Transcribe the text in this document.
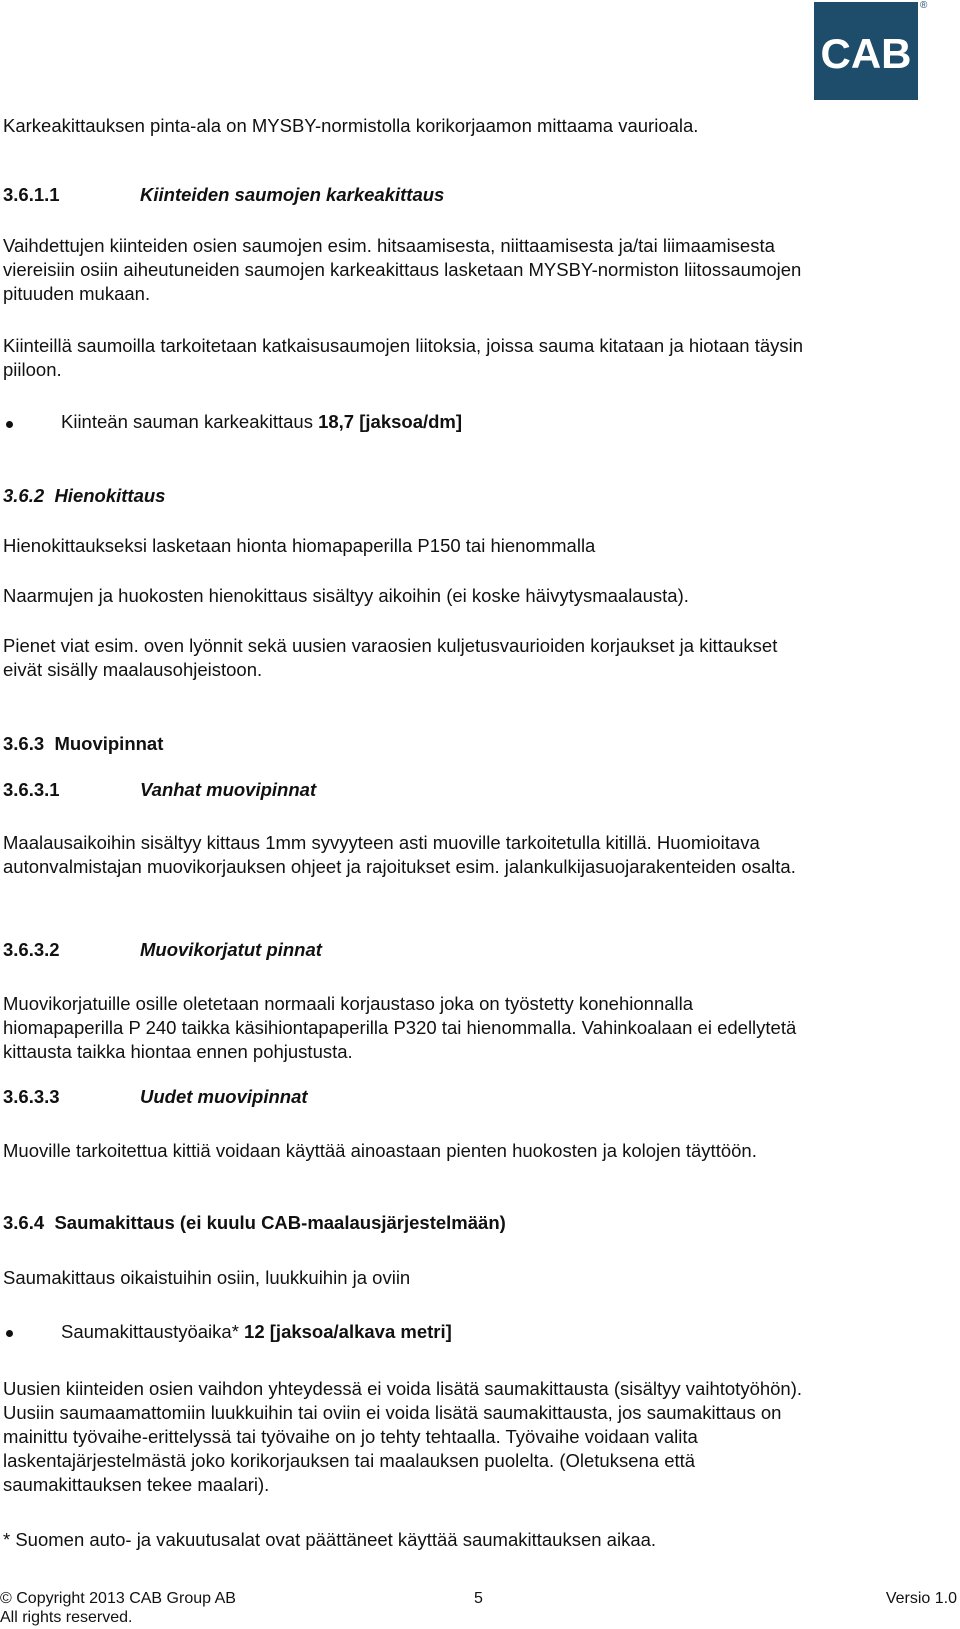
CAB
®
Karkeakittauksen pinta-ala on MYSBY-normistolla korikorjaamon mittaama vaurioala.
3.6.1.1	Kiinteiden saumojen karkeakittaus
Vaihdettujen kiinteiden osien saumojen esim. hitsaamisesta, niittaamisesta ja/tai liimaamisesta
viereisiin osiin aiheutuneiden saumojen karkeakittaus lasketaan MYSBY-normiston liitossaumojen
pituuden mukaan.
Kiinteillä saumoilla tarkoitetaan katkaisusaumojen liitoksia, joissa sauma kitataan ja hiotaan täysin
piiloon.
Kiinteän sauman karkeakittaus 18,7 [jaksoa/dm]
3.6.2 Hienokittaus
Hienokittaukseksi lasketaan hionta hiomapaperilla P150 tai hienommalla
Naarmujen ja huokosten hienokittaus sisältyy aikoihin (ei koske häivytysmaalausta).
Pienet viat esim. oven lyönnit sekä uusien varaosien kuljetusvaurioiden korjaukset ja kittaukset
eivät sisälly maalausohjeistoon.
3.6.3 Muovipinnat
3.6.3.1	Vanhat muovipinnat
Maalausaikoihin sisältyy kittaus 1mm syvyyteen asti muoville tarkoitetulla kitillä. Huomioitava
autonvalmistajan muovikorjauksen ohjeet ja rajoitukset esim. jalankulkijasuojarakenteiden osalta.
3.6.3.2	Muovikorjatut pinnat
Muovikorjatuille osille oletetaan normaali korjaustaso joka on työstetty konehionnalla
hiomapaperilla P 240 taikka käsihiontapaperilla P320 tai hienommalla. Vahinkoalaan ei edellytetä
kittausta taikka hiontaa ennen pohjustusta.
3.6.3.3	Uudet muovipinnat
Muoville tarkoitettua kittiä voidaan käyttää ainoastaan pienten huokosten ja kolojen täyttöön.
3.6.4 Saumakittaus (ei kuulu CAB-maalausjärjestelmään)
Saumakittaus oikaistuihin osiin, luukkuihin ja oviin
Saumakittaustyöaika* 12 [jaksoa/alkava metri]
Uusien kiinteiden osien vaihdon yhteydessä ei voida lisätä saumakittausta (sisältyy vaihtotyöhön).
Uusiin saumaamattomiin luukkuihin tai oviin ei voida lisätä saumakittausta, jos saumakittaus on
mainittu työvaihe-erittelyssä tai työvaihe on jo tehty tehtaalla. Työvaihe voidaan valita
laskentajärjestelmästä joko korikorjauksen tai maalauksen puolelta. (Oletuksena että
saumakittauksen tekee maalari).
* Suomen auto- ja vakuutusalat ovat päättäneet käyttää saumakittauksen aikaa.
© Copyright 2013 CAB Group AB
All rights reserved.
5	Versio 1.0
